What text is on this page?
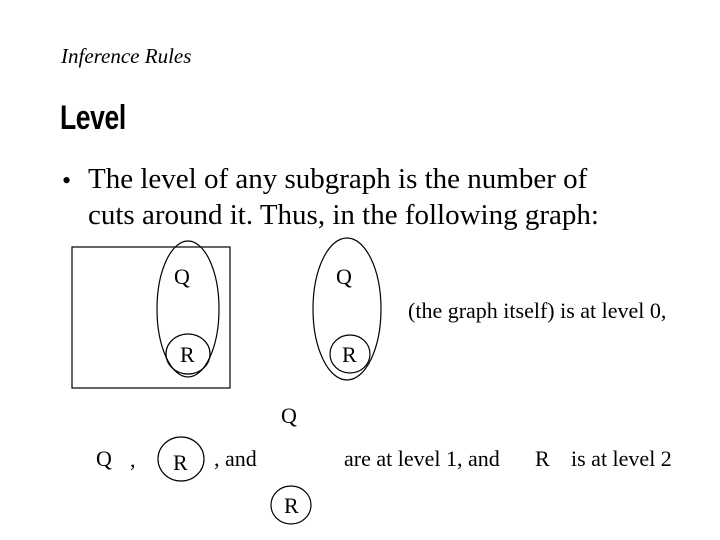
Inference Rules
Level
• The level of any subgraph is the number of
cuts around it. Thus, in the following graph:
Q	Q
R	R
(the graph itself) is at level 0,
Q , R , and
Q
R
are at level 1, and R is at level 2
